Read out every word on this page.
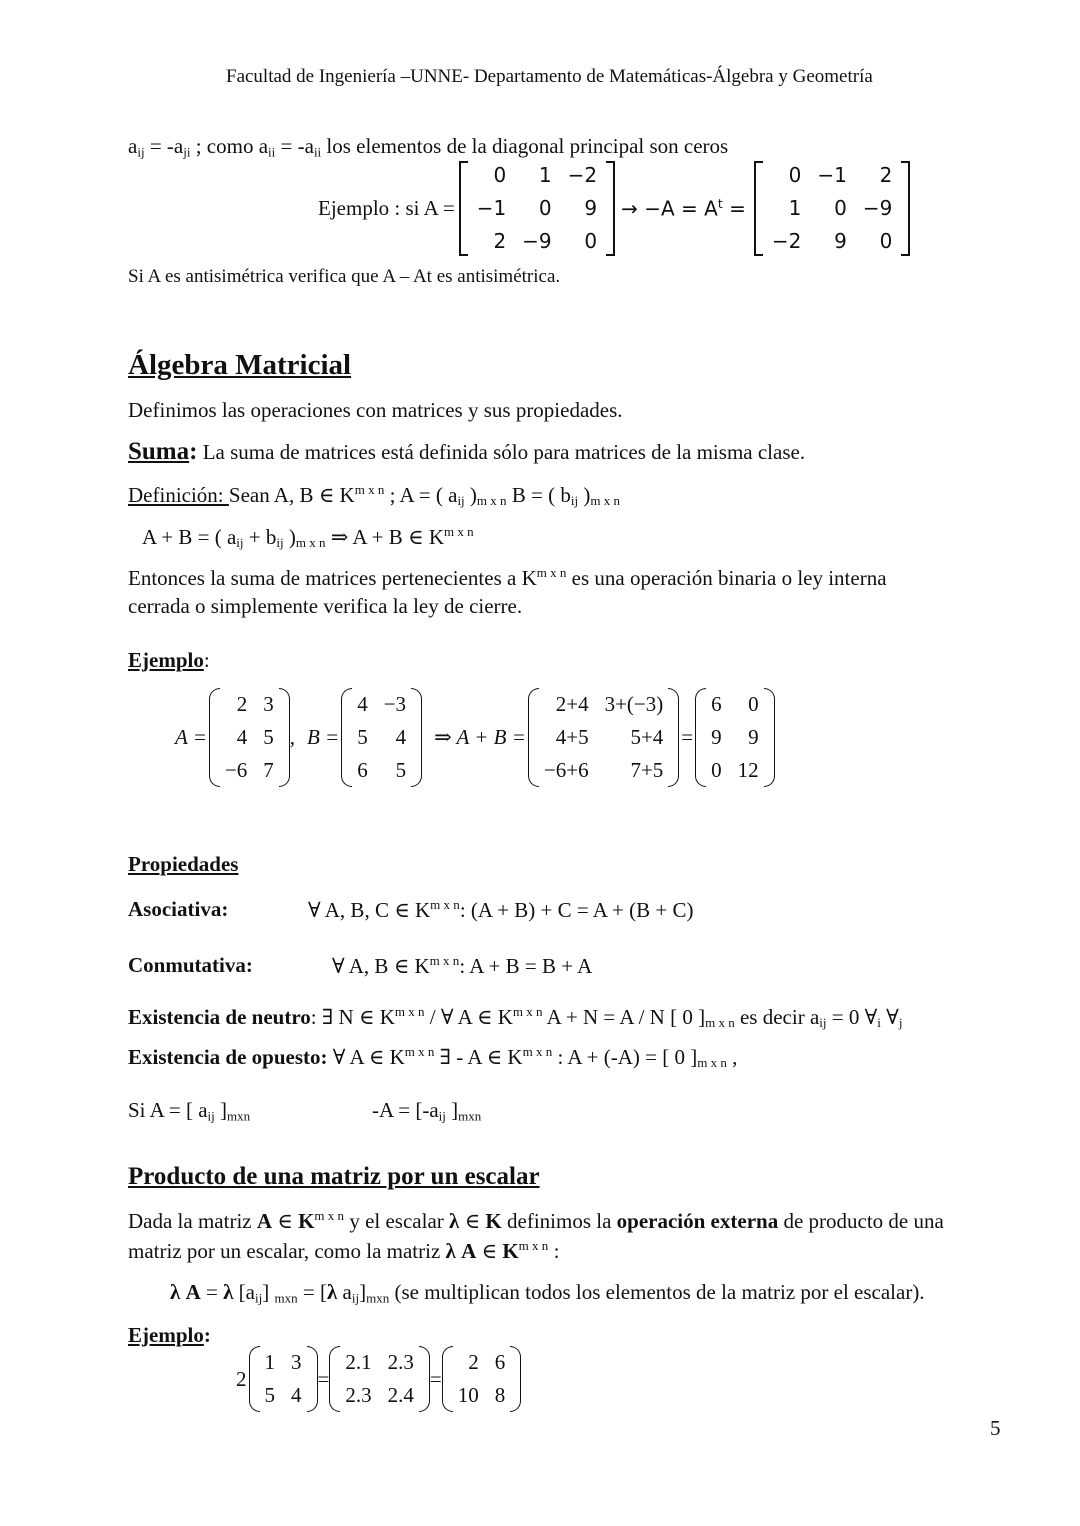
Facultad de Ingeniería –UNNE- Departamento de Matemáticas-Álgebra y Geometría
$a_{ij} = -a_{ji}$ ; como $a_{ii} = -a_{ii}$ los elementos de la diagonal principal son ceros
Ejemplo : si A =
0	1	−2
−1	0	9
2	−9	0
→ $-A = A^t$ =
0	−1	2
1	0	−9
−2	9	0
Si A es antisimétrica verifica que A – At es antisimétrica.
Álgebra Matricial
Definimos las operaciones con matrices y sus propiedades.
Suma: La suma de matrices está definida sólo para matrices de la misma clase.
Definición: Sean A, B ∈ $K^{m x n}$ ; A = ( $a_{ij}$ )$_{m x n}$ B = ( $b_{ij}$ )$_{m x n}$
A + B = ( $a_{ij} + b_{ij}$ )$_{m x n}$ ⇒ A + B ∈ $K^{m x n}$
Entonces la suma de matrices pertenecientes a $K^{m x n}$ es una operación binaria o ley interna
cerrada o simplemente verifica la ley de cierre.
Ejemplo:
A =
2	3
4	5
−6	7
, B =
4	−3
5	4
6	5
⇒ A + B =
2+4	3+(−3)
4+5	5+4
−6+6	7+5
=
6	0
9	9
0	12
Propiedades
Asociativa:	∀ A, B, C ∈ $K^{m x n}$: (A + B) + C = A + (B + C)
Conmutativa:	∀ A, B ∈ $K^{m x n}$: A + B = B + A
Existencia de neutro: ∃ N ∈ $K^{m x n}$ / ∀ A ∈ $K^{m x n}$ A + N = A / N [ 0 ]$_{m x n}$ es decir $a_{ij} = 0$ $\forall_i$ $\forall_j$
Existencia de opuesto: ∀ A ∈ $K^{m x n}$ ∃ - A ∈ $K^{m x n}$ : A + (-A) = [ 0 ]$_{m x n}$ ,
Si A = [ $a_{ij}$ ]$_{mxn}$	$-A = [-a_{ij}$ ]$_{mxn}$
Producto de una matriz por un escalar
Dada la matriz A ∈ $K^{m x n}$ y el escalar λ ∈ K definimos la operación externa de producto de una
matriz por un escalar, como la matriz λ A ∈ $K^{m x n}$ :
λ A = λ $[a_{ij}] _{mxn} = [\lambda$ $a_{ij}]_{mxn}$ (se multiplican todos los elementos de la matriz por el escalar).
Ejemplo:
2
1	3
5	4
=
2.1	2.3
2.3	2.4
=
2	6
10	8
5
